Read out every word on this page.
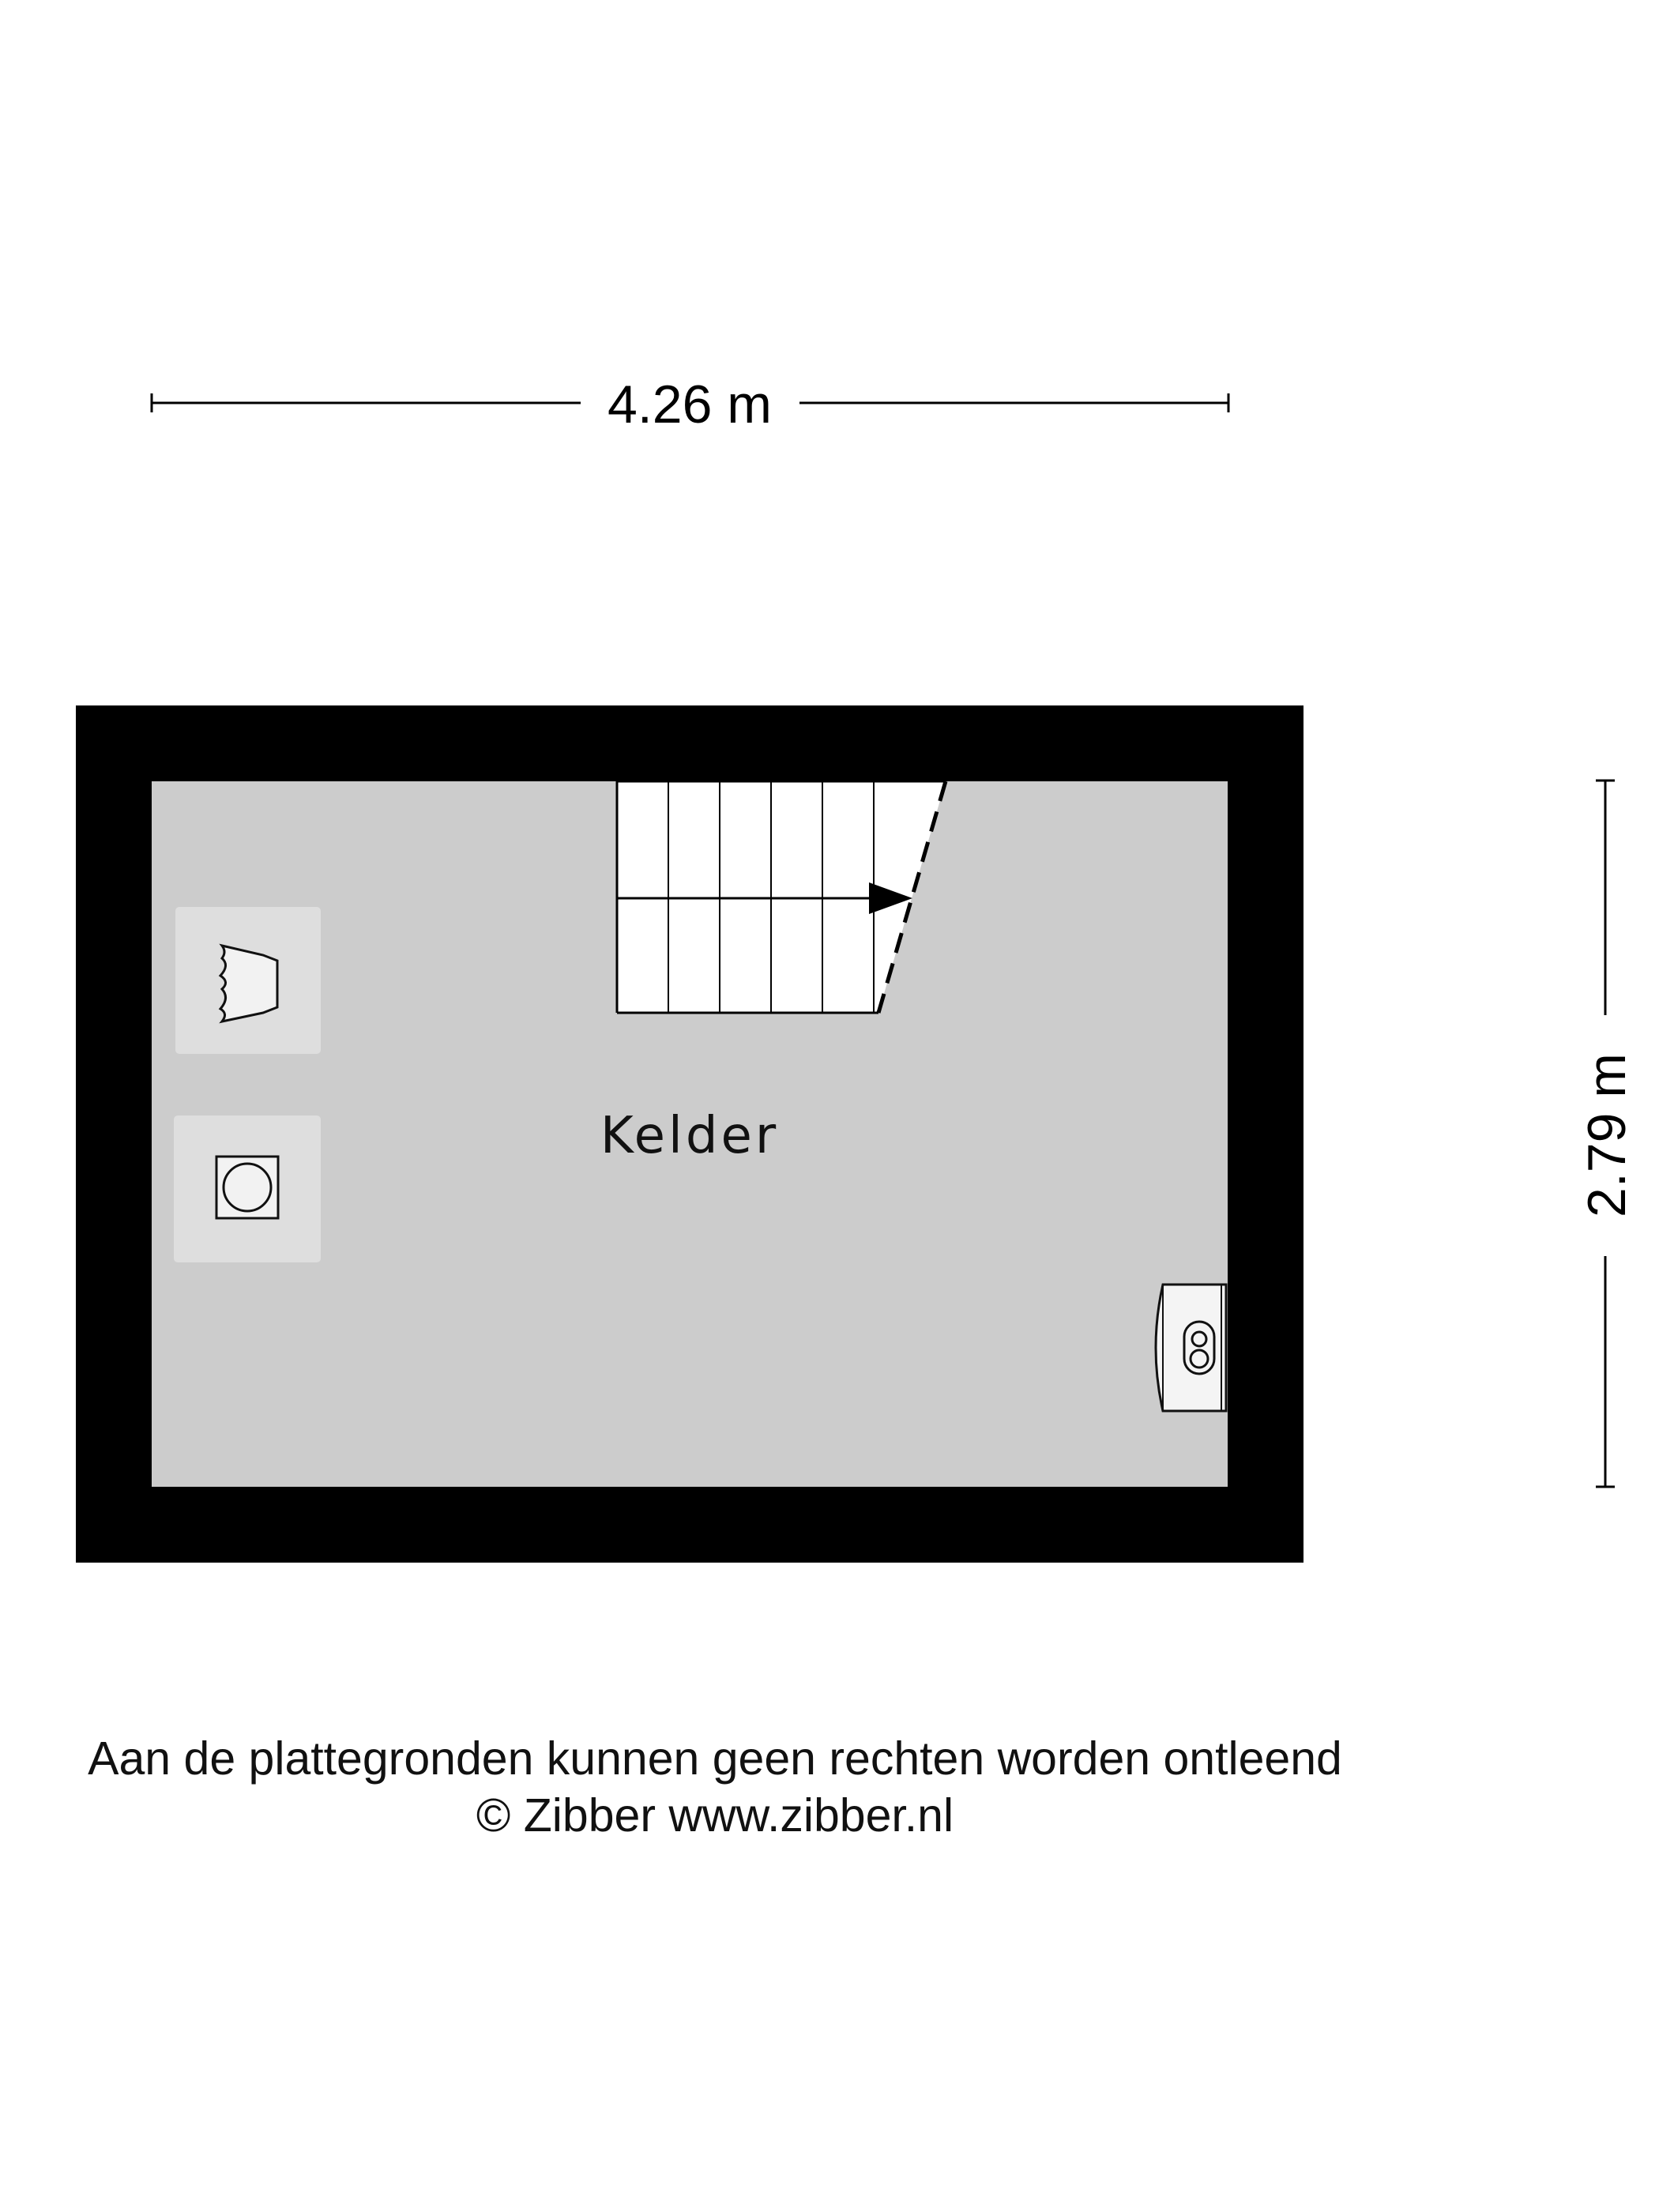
4.26 m
2.79 m
Kelder
Aan de plattegronden kunnen geen rechten worden ontleend
© Zibber www.zibber.nl
